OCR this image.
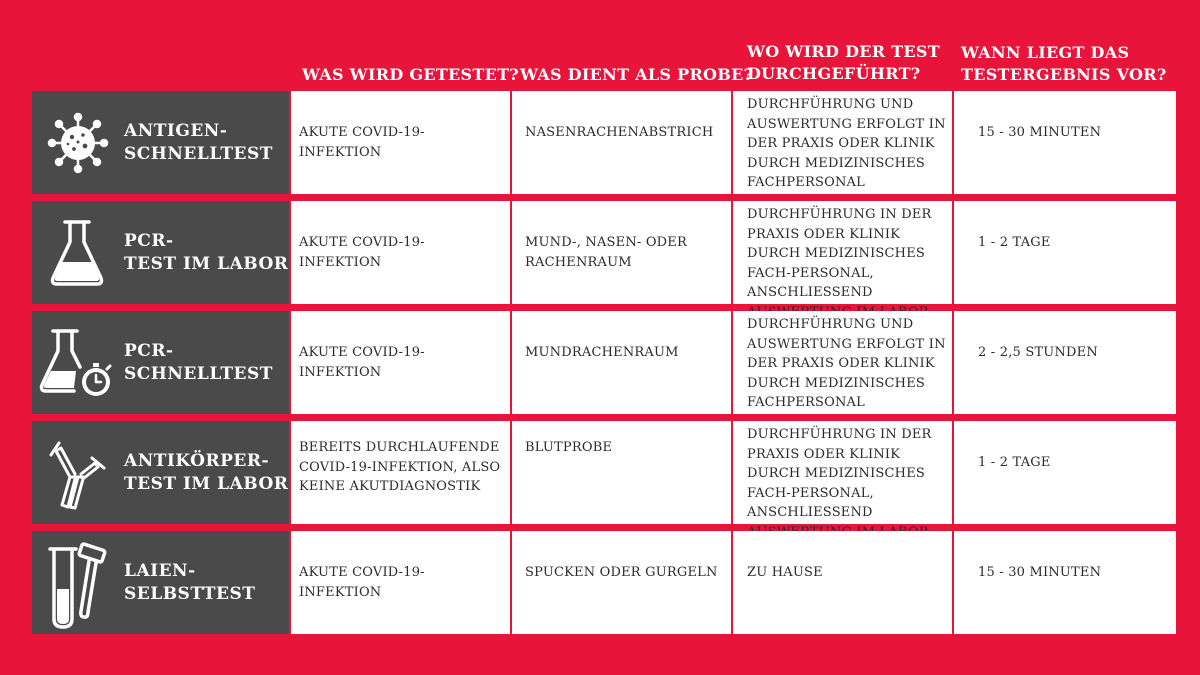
WAS WIRD GETESTET? WAS DIENT ALS PROBE?
WO WIRD DER TEST
DURCHGEFÜHRT?
WANN LIEGT DAS
TESTERGEBNIS VOR?
ANTIGEN-
SCHNELLTEST
AKUTE COVID-19-INFEKTION
NASENRACHENABSTRICH
DURCHFÜHRUNG UND AUSWERTUNG ERFOLGT IN DER PRAXIS ODER KLINIK DURCH MEDIZINISCHES FACHPERSONAL
15 - 30 MINUTEN
PCR-
TEST IM LABOR
AKUTE COVID-19-INFEKTION
MUND-, NASEN- ODER RACHENRAUM
DURCHFÜHRUNG IN DER PRAXIS ODER KLINIK DURCH MEDIZINISCHES FACH-PERSONAL, ANSCHLIESSEND
1 - 2 TAGE
PCR-
SCHNELLTEST
AKUTE COVID-19-INFEKTION
MUNDRACHENRAUM
DURCHFÜHRUNG UND AUSWERTUNG ERFOLGT IN DER PRAXIS ODER KLINIK DURCH MEDIZINISCHES FACHPERSONAL
2 - 2,5 STUNDEN
ANTIKÖRPER-
TEST IM LABOR
BEREITS DURCHLAUFENDE COVID-19-INFEKTION, ALSO KEINE AKUTDIAGNOSTIK
BLUTPROBE
DURCHFÜHRUNG IN DER PRAXIS ODER KLINIK DURCH MEDIZINISCHES FACH-PERSONAL, ANSCHLIESSEND
1 - 2 TAGE
LAIEN-
SELBSTTEST
AKUTE COVID-19-INFEKTION
SPUCKEN ODER GURGELN	ZU HAUSE	15 - 30 MINUTEN
